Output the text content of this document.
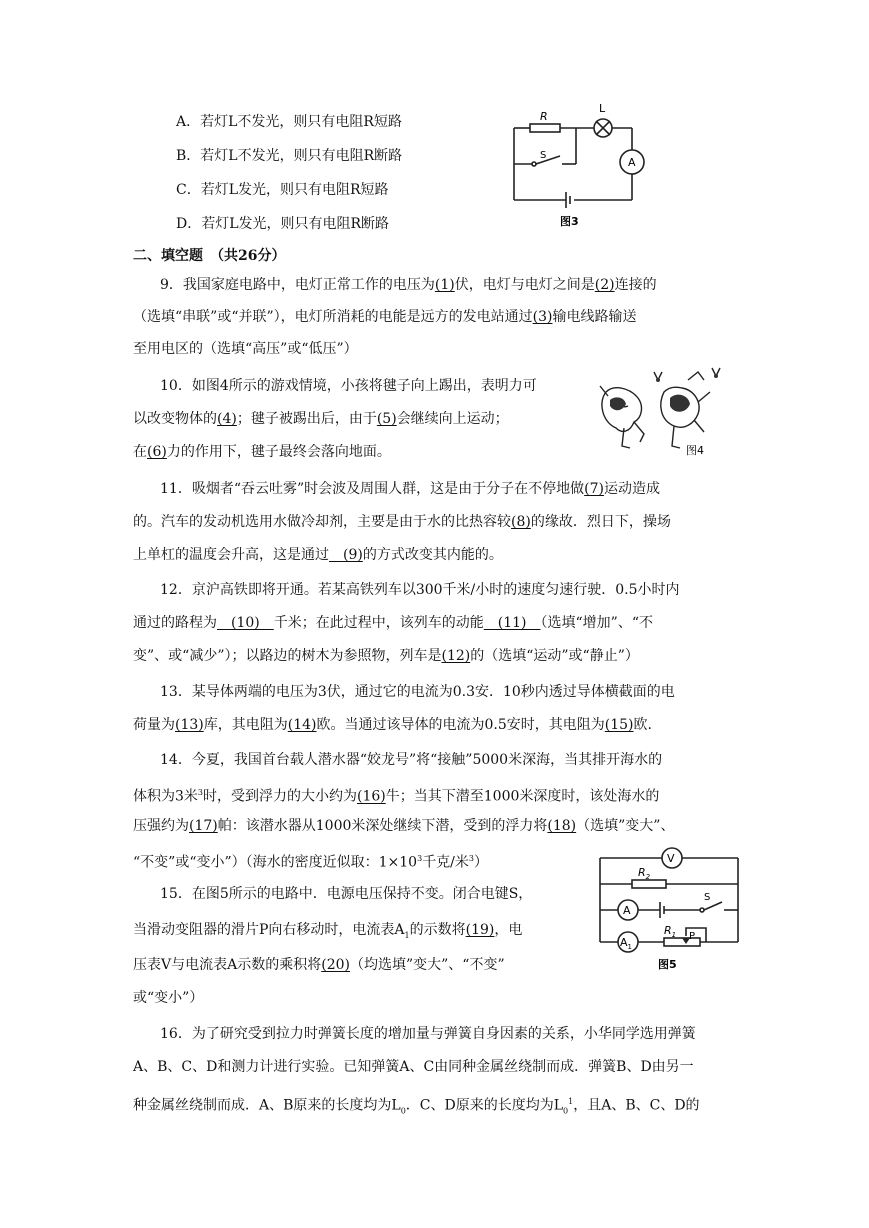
A．若灯L不发光，则只有电阻R短路
B．若灯L不发光，则只有电阻R断路
C．若灯L发光，则只有电阻R短路
D．若灯L发光，则只有电阻R断路
R
L
S
A
图3
二、填空题　（共26分）
9．我国家庭电路中，电灯正常工作的电压为(1)伏，电灯与电灯之间是(2)连接的
（选填“串联”或“并联”），电灯所消耗的电能是远方的发电站通过(3)输电线路输送
至用电区的（选填“高压”或“低压”）
10．如图4所示的游戏情境，小孩将毽子向上踢出，表明力可
以改变物体的(4)；毽子被踢出后，由于(5)会继续向上运动；
在(6)力的作用下，毽子最终会落向地面。	图4
11．吸烟者“吞云吐雾”时会波及周围人群，这是由于分子在不停地做(7)运动造成
的。汽车的发动机选用水做冷却剂，主要是由于水的比热容较(8)的缘故．烈日下，操场
上单杠的温度会升高，这是通过　(9)的方式改变其内能的。
12．京沪高铁即将开通。若某高铁列车以300千米/小时的速度匀速行驶．0.5小时内
通过的路程为　(10)　千米；在此过程中，该列车的动能　(11)　（选填“增加”、“不
变”、或“减少”）；以路边的树木为参照物，列车是(12)的（选填“运动”或“静止”）
13．某导体两端的电压为3伏，通过它的电流为0.3安．10秒内透过导体横截面的电
荷量为(13)库，其电阻为(14)欧。当通过该导体的电流为0.5安时，其电阻为(15)欧.
14．今夏，我国首台载人潜水器“姣龙号”将“接触”5000米深海，当其排开海水的
体积为3米$^3$时，受到浮力的大小约为(16)牛；当其下潜至1000米深度时，该处海水的
压强约为(17)帕：该潜水器从1000米深处继续下潜，受到的浮力将(18)（选填”变大”、
“不变”或“变小”）（海水的密度近似取：$1\times 10^3$千克/米$^3$）	V
$R_2$
A
S
$A_1$
$R_1$ P
图5
15．在图5所示的电路中．电源电压保持不变。闭合电键S，
当滑动变阻器的滑片P向右移动时，电流表$A_1$的示数将(19)，电
压表V与电流表A示数的乘积将(20)（均选填”变大”、“不变”
或“变小”）
16．为了研究受到拉力时弹簧长度的增加量与弹簧自身因素的关系，小华同学选用弹簧
A、B、C、D和测力计进行实验。已知弹簧A、C由同种金属丝绕制而成．弹簧B、D由另一
种金属丝绕制而成．A、B原来的长度均为$L_0$．C、D原来的长度均为$L_0^1$，且A、B、C、D的
